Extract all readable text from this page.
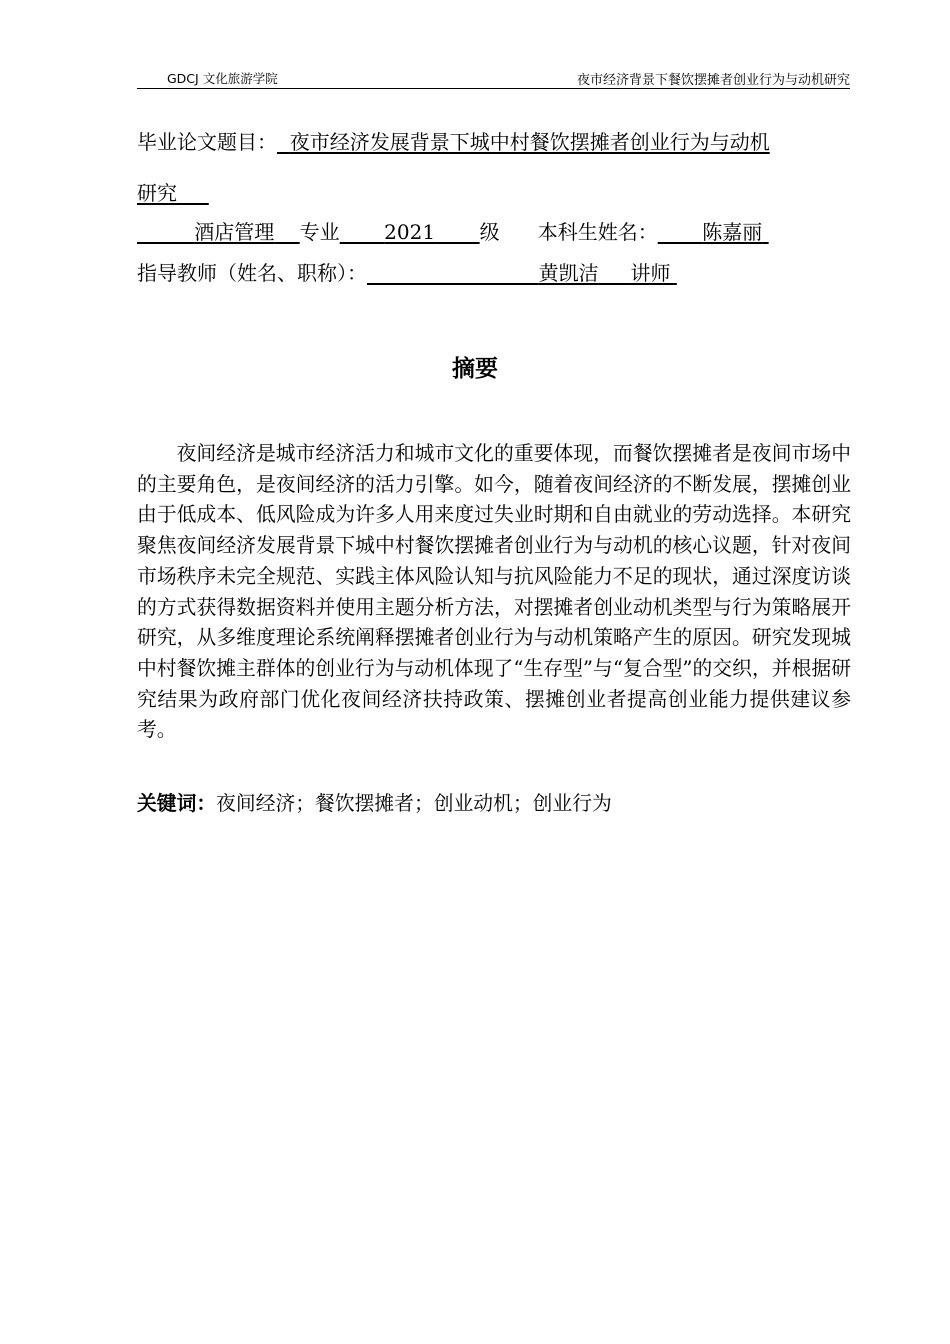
GDCJ 文化旅游学院	夜市经济背景下餐饮摆摊者创业行为与动机研究
毕业论文题目： 夜市经济发展背景下城中村餐饮摆摊者创业行为与动机
研究
酒店管理 专业 2021 级 本科生姓名： 陈嘉丽
指导教师（姓名、职称）：	黄凯洁 讲师
摘要

夜间经济是城市经济活力和城市文化的重要体现，而餐饮摆摊者是夜间市场中的主要角色，是夜间经济的活力引擎。如今，随着夜间经济的不断发展，摆摊创业由于低成本、低风险成为许多人用来度过失业时期和自由就业的劳动选择。本研究聚焦夜间经济发展背景下城中村餐饮摆摊者创业行为与动机的核心议题，针对夜间市场秩序未完全规范、实践主体风险认知与抗风险能力不足的现状，通过深度访谈的方式获得数据资料并使用主题分析方法，对摆摊者创业动机类型与行为策略展开研究，从多维度理论系统阐释摆摊者创业行为与动机策略产生的原因。研究发现城中村餐饮摊主群体的创业行为与动机体现了“生存型”与“复合型”的交织，并根据研究结果为政府部门优化夜间经济扶持政策、摆摊创业者提高创业能力提供建议参考。

关键词：夜间经济；餐饮摆摊者；创业动机；创业行为
